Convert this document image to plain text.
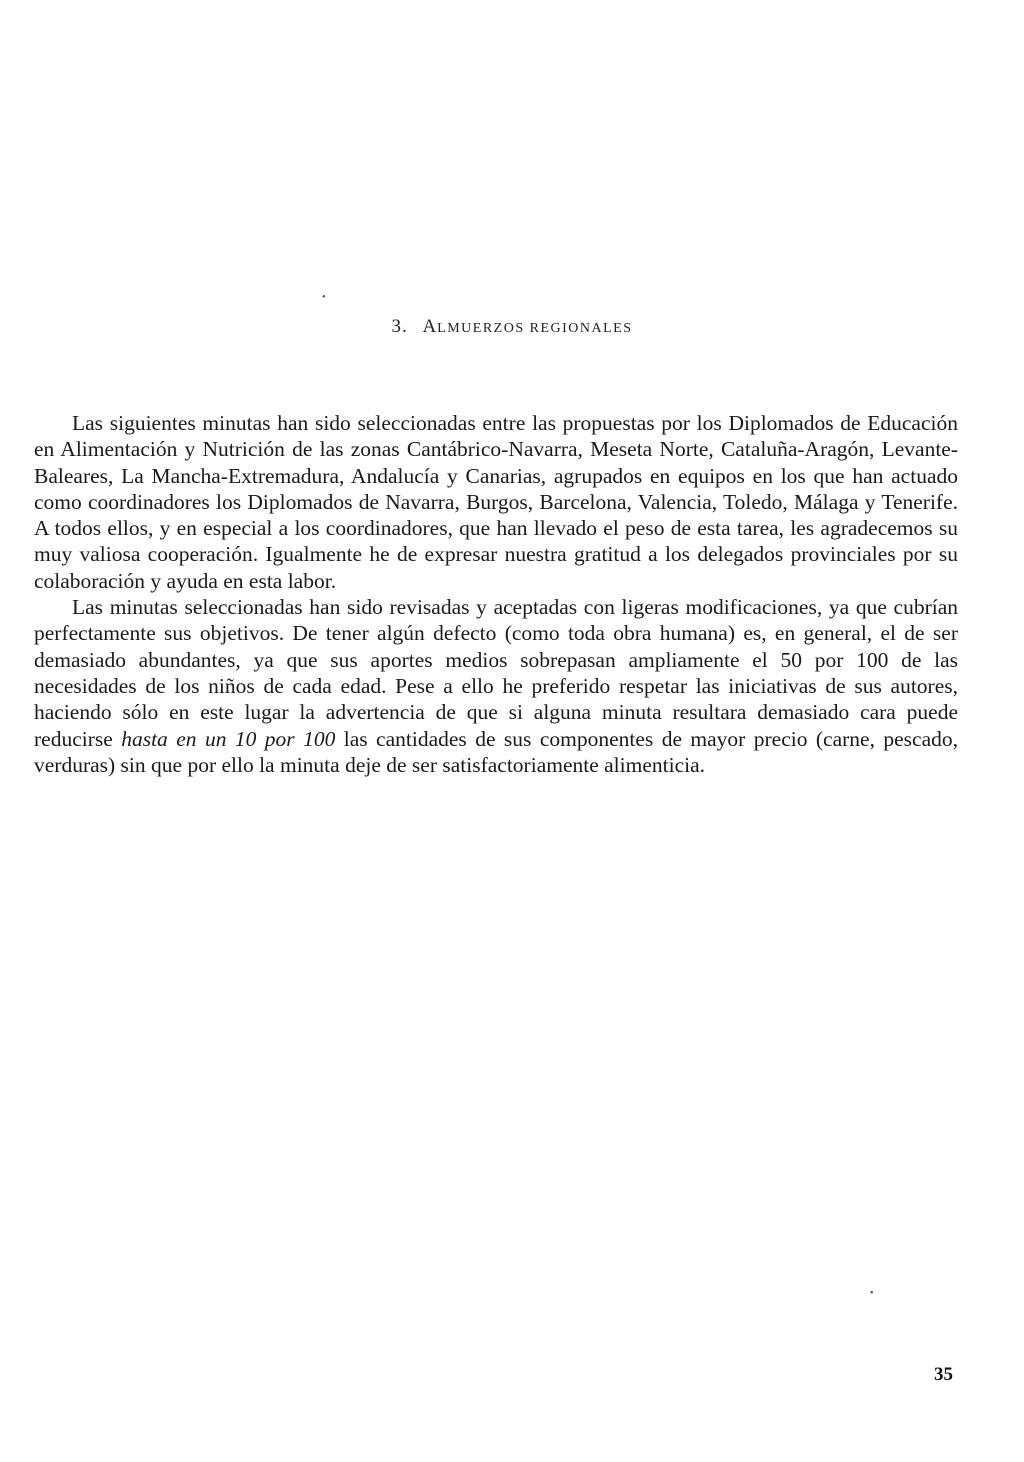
•
•
3. ALMUERZOS REGIONALES

Las siguientes minutas han sido seleccionadas entre las propuestas por los Diplomados de Educación en Alimentación y Nutrición de las zonas Cantábrico-Navarra, Meseta Norte, Cataluña-Aragón, Levante-Baleares, La Mancha-Extremadura, Andalucía y Canarias, agrupados en equipos en los que han actuado como coordinadores los Diplomados de Navarra, Burgos, Barcelona, Valencia, Toledo, Málaga y Tenerife. A todos ellos, y en especial a los coordinadores, que han llevado el peso de esta tarea, les agradecemos su muy valiosa cooperación. Igualmente he de expresar nuestra gratitud a los delegados provinciales por su colaboración y ayuda en esta labor.

Las minutas seleccionadas han sido revisadas y aceptadas con ligeras modificaciones, ya que cubrían perfectamente sus objetivos. De tener algún defecto (como toda obra humana) es, en general, el de ser demasiado abundantes, ya que sus aportes medios sobrepasan ampliamente el 50 por 100 de las necesidades de los niños de cada edad. Pese a ello he preferido respetar las iniciativas de sus autores, haciendo sólo en este lugar la advertencia de que si alguna minuta resultara demasiado cara puede reducirse hasta en un 10 por 100 las cantidades de sus componentes de mayor precio (carne, pescado, verduras) sin que por ello la minuta deje de ser satisfactoriamente alimenticia.

35
